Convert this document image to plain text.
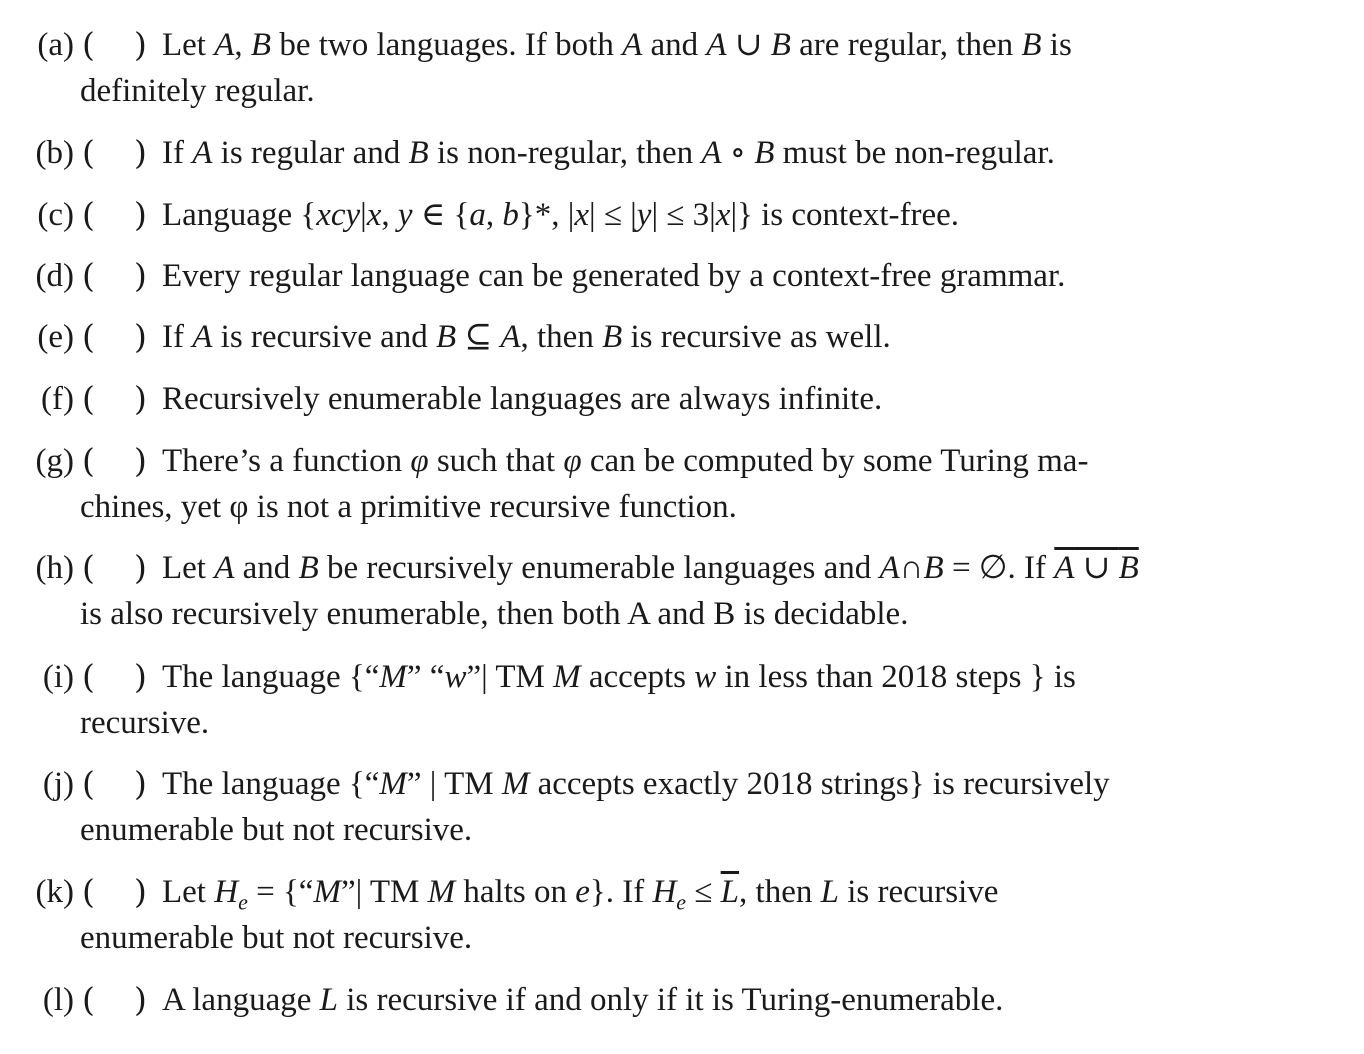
(a) ( ) Let A, B be two languages. If both A and A ∪ B are regular, then B is
definitely regular.
(b) ( ) If A is regular and B is non-regular, then A ∘ B must be non-regular.
(c) ( ) Language {xcy|x, y ∈ {a, b}*, |x| ≤ |y| ≤ 3|x|} is context-free.
(d) ( ) Every regular language can be generated by a context-free grammar.
(e) ( ) If A is recursive and B ⊆ A, then B is recursive as well.
(f) ( ) Recursively enumerable languages are always infinite.
(g) ( ) There’s a function φ such that φ can be computed by some Turing ma-
chines, yet φ is not a primitive recursive function.
(h) ( ) Let A and B be recursively enumerable languages and A∩B = ∅. If A ∪ B
is also recursively enumerable, then both A and B is decidable.
(i) ( ) The language {“M” “w”| TM M accepts w in less than 2018 steps } is
recursive.
(j) ( ) The language {“M” | TM M accepts exactly 2018 strings} is recursively
enumerable but not recursive.
(k) ( ) Let $H_e$ = {“M”| TM M halts on e}. If $H_e \le \overline{L}$, then L is recursive
enumerable but not recursive.
(l) ( ) A language L is recursive if and only if it is Turing-enumerable.
